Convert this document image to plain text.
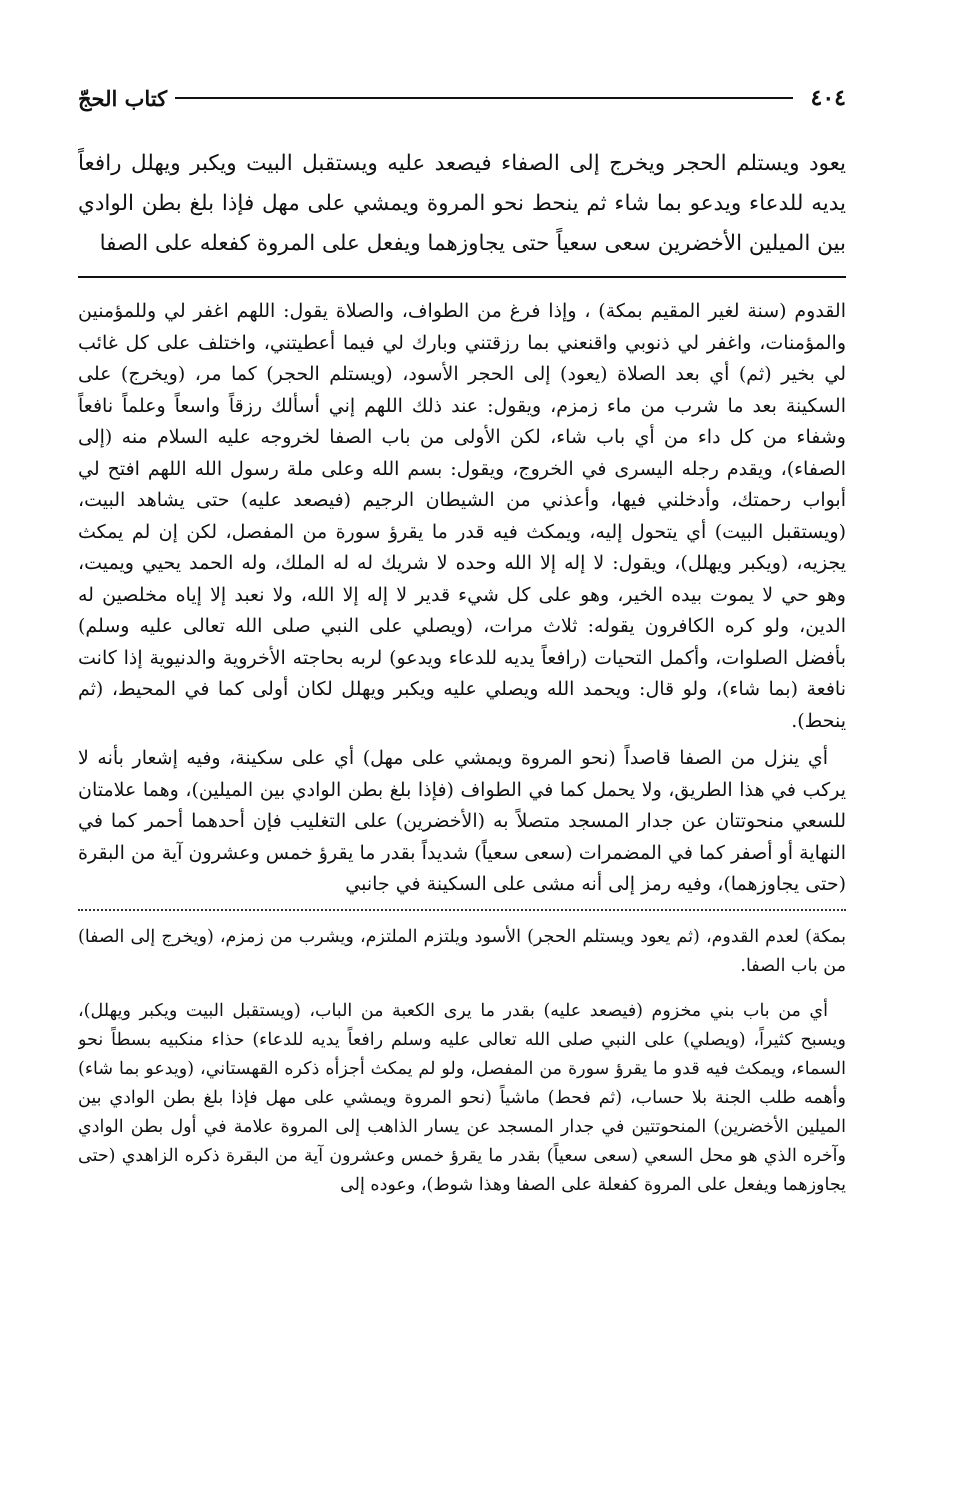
٤٠٤
كتاب الحجّ
يعود ويستلم الحجر ويخرج إلى الصفاء فيصعد عليه ويستقبل البيت ويكبر ويهلل رافعاً يديه للدعاء ويدعو بما شاء ثم ينحط نحو المروة ويمشي على مهل فإذا بلغ بطن الوادي بين الميلين الأخضرين سعى سعياً حتى يجاوزهما ويفعل على المروة كفعله على الصفا

القدوم (سنة لغير المقيم بمكة) ، وإذا فرغ من الطواف، والصلاة يقول: اللهم اغفر لي وللمؤمنين والمؤمنات، واغفر لي ذنوبي واقنعني بما رزقتني وبارك لي فيما أعطيتني، واختلف على كل غائب لي بخير (ثم) أي بعد الصلاة (يعود) إلى الحجر الأسود، (ويستلم الحجر) كما مر، (ويخرج) على السكينة بعد ما شرب من ماء زمزم، ويقول: عند ذلك اللهم إني أسألك رزقاً واسعاً وعلماً نافعاً وشفاء من كل داء من أي باب شاء، لكن الأولى من باب الصفا لخروجه عليه السلام منه (إلى الصفاء)، ويقدم رجله اليسرى في الخروج، ويقول: بسم الله وعلى ملة رسول الله اللهم افتح لي أبواب رحمتك، وأدخلني فيها، وأعذني من الشيطان الرجيم (فيصعد عليه) حتى يشاهد البيت، (ويستقبل البيت) أي يتحول إليه، ويمكث فيه قدر ما يقرؤ سورة من المفصل، لكن إن لم يمكث يجزيه، (ويكبر ويهلل)، ويقول: لا إله إلا الله وحده لا شريك له له الملك، وله الحمد يحيي ويميت، وهو حي لا يموت بيده الخير، وهو على كل شيء قدير لا إله إلا الله، ولا نعبد إلا إياه مخلصين له الدين، ولو كره الكافرون يقوله: ثلاث مرات، (ويصلي على النبي صلى الله تعالى عليه وسلم) بأفضل الصلوات، وأكمل التحيات (رافعاً يديه للدعاء ويدعو) لربه بحاجته الأخروية والدنيوية إذا كانت نافعة (بما شاء)، ولو قال: ويحمد الله ويصلي عليه ويكبر ويهلل لكان أولى كما في المحيط، (ثم ينحط).

أي ينزل من الصفا قاصداً (نحو المروة ويمشي على مهل) أي على سكينة، وفيه إشعار بأنه لا يركب في هذا الطريق، ولا يحمل كما في الطواف (فإذا بلغ بطن الوادي بين الميلين)، وهما علامتان للسعي منحوتتان عن جدار المسجد متصلاً به (الأخضرين) على التغليب فإن أحدهما أحمر كما في النهاية أو أصفر كما في المضمرات (سعى سعياً) شديداً بقدر ما يقرؤ خمس وعشرون آية من البقرة (حتى يجاوزهما)، وفيه رمز إلى أنه مشى على السكينة في جانبي

بمكة) لعدم القدوم، (ثم يعود ويستلم الحجر) الأسود ويلتزم الملتزم، ويشرب من زمزم، (ويخرج إلى الصفا) من باب الصفا.

أي من باب بني مخزوم (فيصعد عليه) بقدر ما يرى الكعبة من الباب، (ويستقبل البيت ويكبر ويهلل)، ويسبح كثيراً، (ويصلي) على النبي صلى الله تعالى عليه وسلم رافعاً يديه للدعاء) حذاء منكبيه بسطاً نحو السماء، ويمكث فيه قدو ما يقرؤ سورة من المفصل، ولو لم يمكث أجزأه ذكره القهستاني، (ويدعو بما شاء) وأهمه طلب الجنة بلا حساب، (ثم فحط) ماشياً (نحو المروة ويمشي على مهل فإذا بلغ بطن الوادي بين الميلين الأخضرين) المنحوتتين في جدار المسجد عن يسار الذاهب إلى المروة علامة في أول بطن الوادي وآخره الذي هو محل السعي (سعى سعياً) بقدر ما يقرؤ خمس وعشرون آية من البقرة ذكره الزاهدي (حتى يجاوزهما ويفعل على المروة كفعلة على الصفا وهذا شوط)، وعوده إلى
